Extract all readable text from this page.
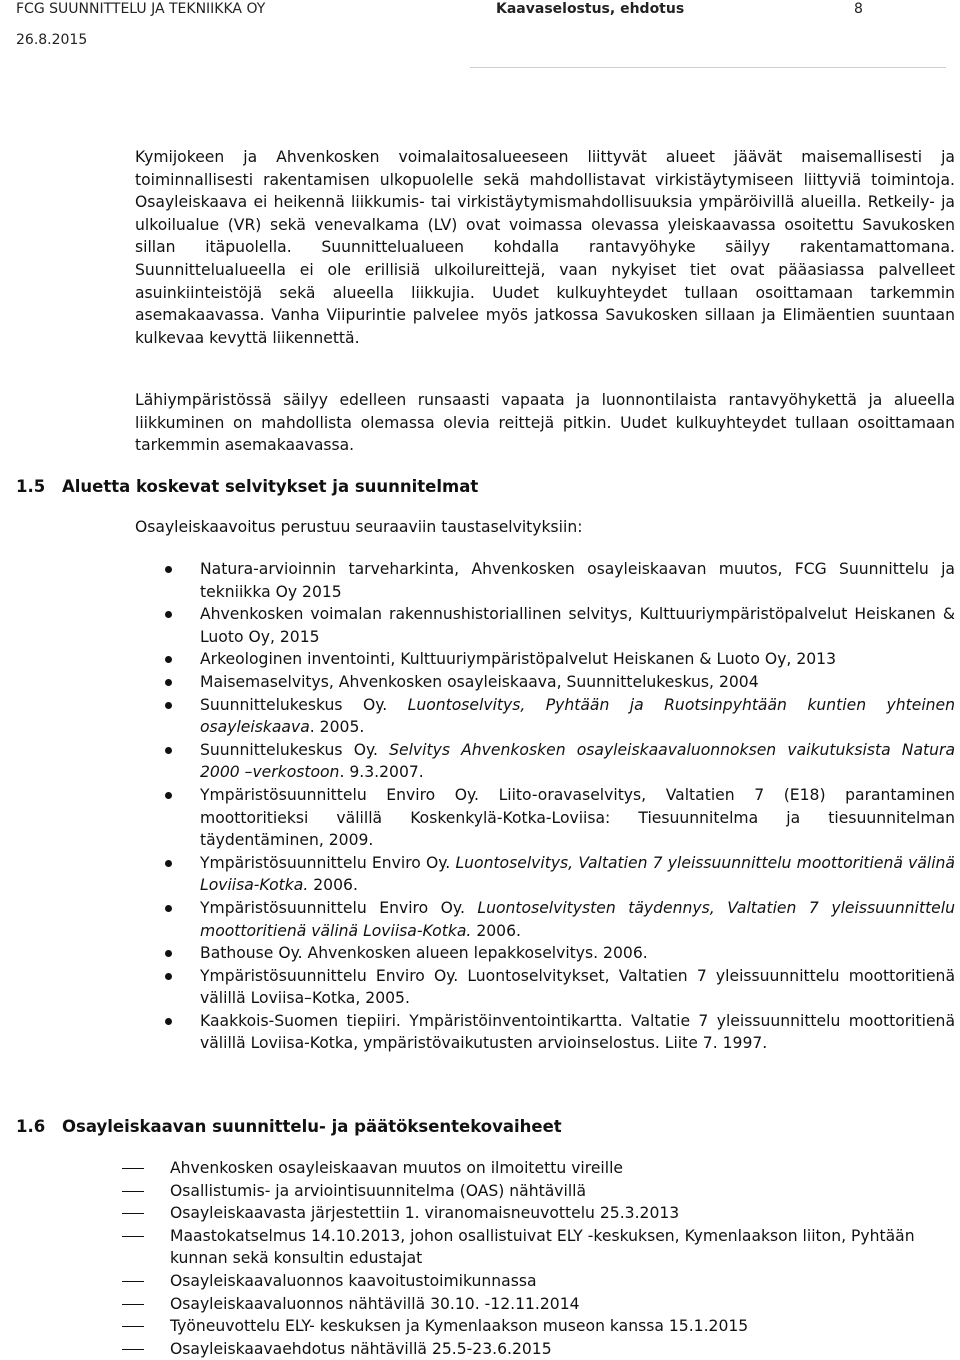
FCG SUUNNITTELU JA TEKNIIKKA OY
26.8.2015
Kaavaselostus, ehdotus	8

Kymijokeen ja Ahvenkosken voimalaitosalueeseen liittyvät alueet jäävät maisemallisesti ja toiminnallisesti rakentamisen ulkopuolelle sekä mahdollistavat virkistäytymiseen liittyviä toimintoja. Osayleiskaava ei heikennä liikkumis- tai virkistäytymismahdollisuuksia ympäröivillä alueilla. Retkeily- ja ulkoilualue (VR) sekä venevalkama (LV) ovat voimassa olevassa yleiskaavassa osoitettu Savukosken sillan itäpuolella. Suunnittelualueen kohdalla rantavyöhyke säilyy rakentamattomana. Suunnittelualueella ei ole erillisiä ulkoilureittejä, vaan nykyiset tiet ovat pääasiassa palvelleet asuinkiinteistöjä sekä alueella liikkujia. Uudet kulkuyhteydet tullaan osoittamaan tarkemmin asemakaavassa. Vanha Viipurintie palvelee myös jatkossa Savukosken sillaan ja Elimäentien suuntaan kulkevaa kevyttä liikennettä.

Lähiympäristössä säilyy edelleen runsaasti vapaata ja luonnontilaista rantavyöhykettä ja alueella liikkuminen on mahdollista olemassa olevia reittejä pitkin. Uudet kulkuyhteydet tullaan osoittamaan tarkemmin asemakaavassa.

1.5 Aluetta koskevat selvitykset ja suunnitelmat

Osayleiskaavoitus perustuu seuraaviin taustaselvityksiin:

Natura-arvioinnin tarveharkinta, Ahvenkosken osayleiskaavan muutos, FCG Suunnittelu ja tekniikka Oy 2015
Ahvenkosken voimalan rakennushistoriallinen selvitys, Kulttuuriympäristöpalvelut Heiskanen & Luoto Oy, 2015
Arkeologinen inventointi, Kulttuuriympäristöpalvelut Heiskanen & Luoto Oy, 2013
Maisemaselvitys, Ahvenkosken osayleiskaava, Suunnittelukeskus, 2004
Suunnittelukeskus Oy. Luontoselvitys, Pyhtään ja Ruotsinpyhtään kuntien yhteinen osayleiskaava. 2005.
Suunnittelukeskus Oy. Selvitys Ahvenkosken osayleiskaavaluonnoksen vaikutuksista Natura 2000 –verkostoon. 9.3.2007.
Ympäristösuunnittelu Enviro Oy. Liito-oravaselvitys, Valtatien 7 (E18) parantaminen moottoritieksi välillä Koskenkylä-Kotka-Loviisa: Tiesuunnitelma ja tiesuunnitelman täydentäminen, 2009.
Ympäristösuunnittelu Enviro Oy. Luontoselvitys, Valtatien 7 yleissuunnittelu moottoritienä välinä Loviisa-Kotka. 2006.
Ympäristösuunnittelu Enviro Oy. Luontoselvitysten täydennys, Valtatien 7 yleissuunnittelu moottoritienä välinä Loviisa-Kotka. 2006.
Bathouse Oy. Ahvenkosken alueen lepakkoselvitys. 2006.
Ympäristösuunnittelu Enviro Oy. Luontoselvitykset, Valtatien 7 yleissuunnittelu moottoritienä välillä Loviisa–Kotka, 2005.
Kaakkois-Suomen tiepiiri. Ympäristöinventointikartta. Valtatie 7 yleissuunnittelu moottoritienä välillä Loviisa-Kotka, ympäristövaikutusten arvioinselostus. Liite 7. 1997.
1.6 Osayleiskaavan suunnittelu- ja päätöksentekovaiheet
Ahvenkosken osayleiskaavan muutos on ilmoitettu vireille
Osallistumis- ja arviointisuunnitelma (OAS) nähtävillä
Osayleiskaavasta järjestettiin 1. viranomaisneuvottelu 25.3.2013
Maastokatselmus 14.10.2013, johon osallistuivat ELY -keskuksen, Kymenlaakson liiton, Pyhtään kunnan sekä konsultin edustajat
Osayleiskaavaluonnos kaavoitustoimikunnassa
Osayleiskaavaluonnos nähtävillä 30.10. -12.11.2014
Työneuvottelu ELY- keskuksen ja Kymenlaakson museon kanssa 15.1.2015
Osayleiskaavaehdotus nähtävillä 25.5-23.6.2015
